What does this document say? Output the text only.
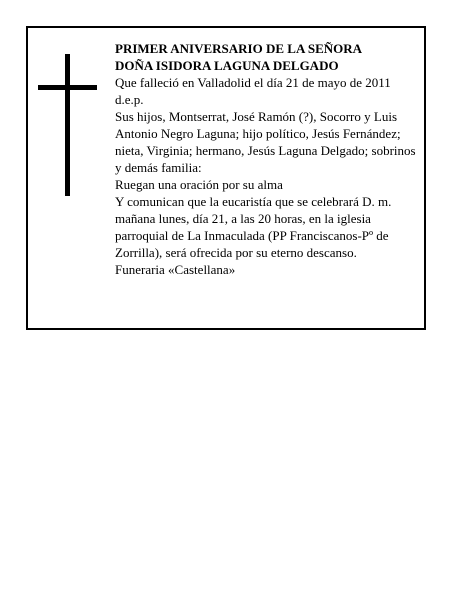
PRIMER ANIVERSARIO DE LA SEÑORA

DOÑA ISIDORA LAGUNA DELGADO

Que falleció en Valladolid el día 21 de mayo de 2011

d.e.p.

Sus hijos, Montserrat, José Ramón (?), Socorro y Luis Antonio Negro Laguna; hijo político, Jesús Fernández; nieta, Virginia; hermano, Jesús Laguna Delgado; sobrinos y demás familia:

Ruegan una oración por su alma

Y comunican que la eucaristía que se celebrará D. m. mañana lunes, día 21, a las 20 horas, en la iglesia parroquial de La Inmaculada (PP Franciscanos-Pº de Zorrilla), será ofrecida por su eterno descanso.

Funeraria «Castellana»
